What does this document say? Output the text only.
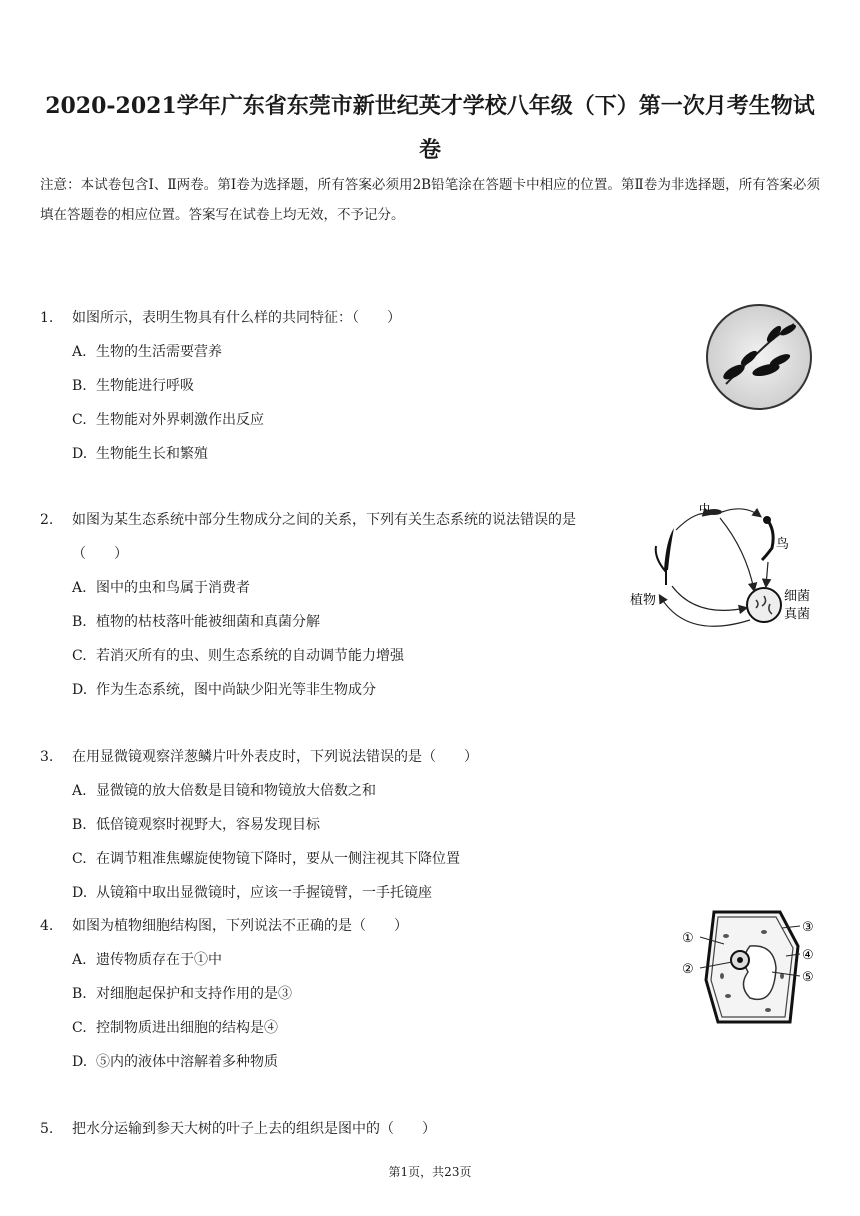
2020-2021学年广东省东莞市新世纪英才学校八年级（下）第一次月考生物试卷
注意：本试卷包含Ⅰ、Ⅱ两卷。第Ⅰ卷为选择题，所有答案必须用2B铅笔涂在答题卡中相应的位置。第Ⅱ卷为非选择题，所有答案必须填在答题卷的相应位置。答案写在试卷上均无效，不予记分。
1.	如图所示，表明生物具有什么样的共同特征：（　　）
A. 生物的生活需要营养
B. 生物能进行呼吸
C. 生物能对外界刺激作出反应
D. 生物能生长和繁殖
2.	如图为某生态系统中部分生物成分之间的关系，下列有关生态系统的说法错误的是（　　）
A. 图中的虫和鸟属于消费者
B. 植物的枯枝落叶能被细菌和真菌分解
C. 若消灭所有的虫、则生态系统的自动调节能力增强
D. 作为生态系统，图中尚缺少阳光等非生物成分
植物
虫
鸟
细菌
真菌
3.	在用显微镜观察洋葱鳞片叶外表皮时，下列说法错误的是（　　）
A. 显微镜的放大倍数是目镜和物镜放大倍数之和
B. 低倍镜观察时视野大，容易发现目标
C. 在调节粗准焦螺旋使物镜下降时，要从一侧注视其下降位置
D. 从镜箱中取出显微镜时，应该一手握镜臂，一手托镜座
4.	如图为植物细胞结构图，下列说法不正确的是（　　）
A. 遗传物质存在于①中
B. 对细胞起保护和支持作用的是③
C. 控制物质进出细胞的结构是④
D. ⑤内的液体中溶解着多种物质
①
②
③
④
⑤
5.	把水分运输到参天大树的叶子上去的组织是图中的（　　）
第1页，共23页
